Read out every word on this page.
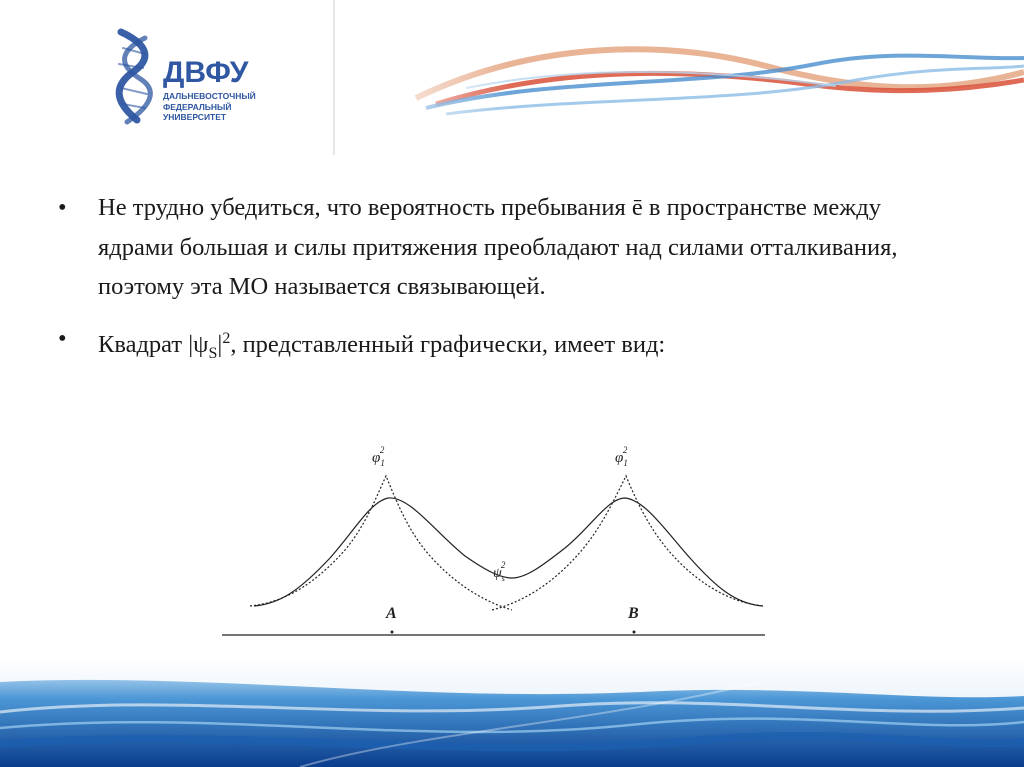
ДВФУ
ДАЛЬНЕВОСТОЧНЫЙ
ФЕДЕРАЛЬНЫЙ
УНИВЕРСИТЕТ
• Не трудно убедиться, что вероятность пребывания ē в пространстве между ядрами большая и силы притяжения преобладают над силами отталкивания, поэтому эта МО называется связывающей.
• Квадрат $|\psi_S|^2$, представленный графически, имеет вид:
$\varphi_12$	$\varphi_12$
$\psi_s2$
A	B
